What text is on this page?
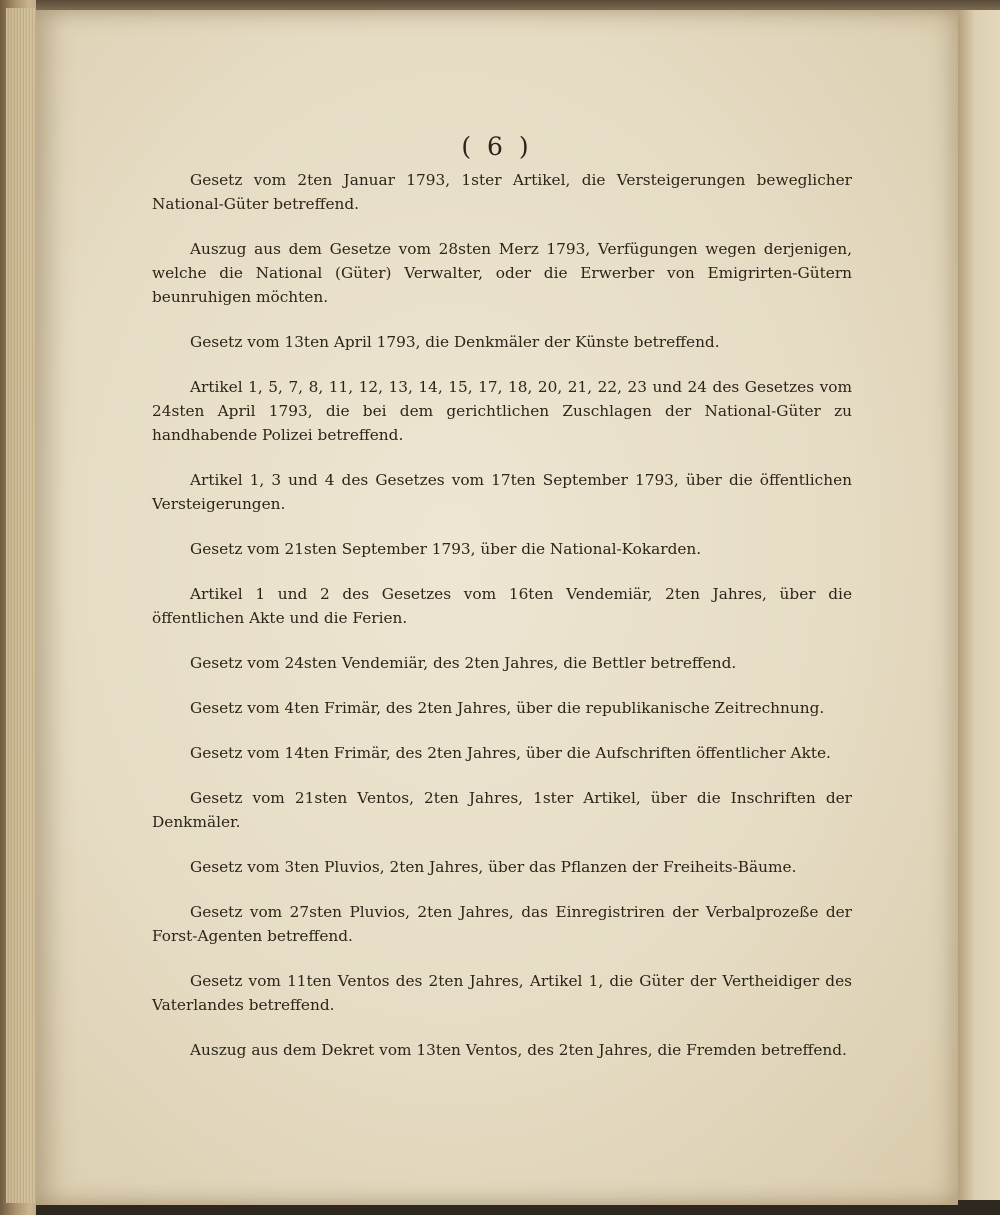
( 6 )

Gesetz vom 2ten Januar 1793, 1ster Artikel, die Versteigerungen beweglicher National-Güter betreffend.

Auszug aus dem Gesetze vom 28sten Merz 1793, Verfügungen wegen derjenigen, welche die National (Güter) Verwalter, oder die Erwerber von Emigrirten-Gütern beunruhigen möchten.

Gesetz vom 13ten April 1793, die Denkmäler der Künste betreffend.

Artikel 1, 5, 7, 8, 11, 12, 13, 14, 15, 17, 18, 20, 21, 22, 23 und 24 des Gesetzes vom 24sten April 1793, die bei dem gerichtlichen Zuschlagen der National-Güter zu handhabende Polizei betreffend.

Artikel 1, 3 und 4 des Gesetzes vom 17ten September 1793, über die öffentlichen Versteigerungen.

Gesetz vom 21sten September 1793, über die National-Kokarden.

Artikel 1 und 2 des Gesetzes vom 16ten Vendemiär, 2ten Jahres, über die öffentlichen Akte und die Ferien.

Gesetz vom 24sten Vendemiär, des 2ten Jahres, die Bettler betreffend.

Gesetz vom 4ten Frimär, des 2ten Jahres, über die republikanische Zeitrechnung.

Gesetz vom 14ten Frimär, des 2ten Jahres, über die Aufschriften öffentlicher Akte.

Gesetz vom 21sten Ventos, 2ten Jahres, 1ster Artikel, über die Inschriften der Denkmäler.

Gesetz vom 3ten Pluvios, 2ten Jahres, über das Pflanzen der Freiheits-Bäume.

Gesetz vom 27sten Pluvios, 2ten Jahres, das Einregistriren der Verbalprozeße der Forst-Agenten betreffend.

Gesetz vom 11ten Ventos des 2ten Jahres, Artikel 1, die Güter der Vertheidiger des Vaterlandes betreffend.

Auszug aus dem Dekret vom 13ten Ventos, des 2ten Jahres, die Fremden betreffend.
